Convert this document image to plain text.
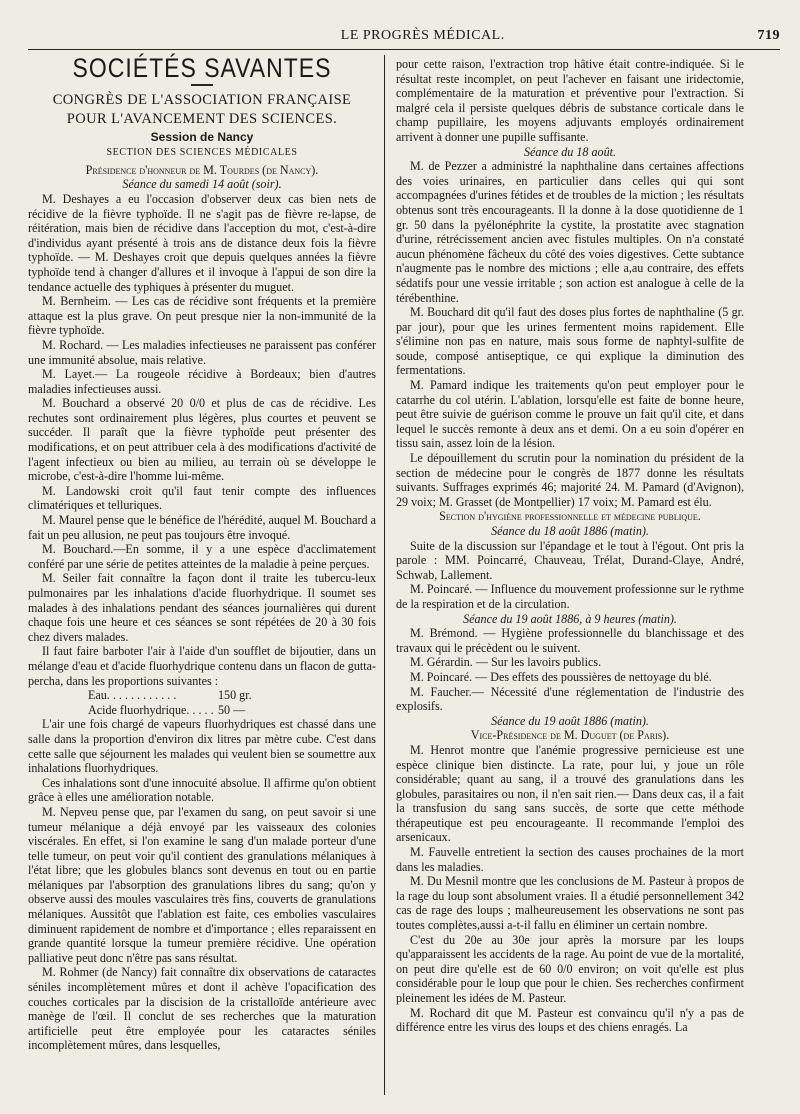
LE PROGRÈS MÉDICAL.	719
SOCIÉTÉS SAVANTES
CONGRÈS DE L'ASSOCIATION FRANÇAISE
POUR L'AVANCEMENT DES SCIENCES.
Session de Nancy
SECTION DES SCIENCES MÉDICALES

Présidence d'honneur de M. Tourdes (de Nancy).

Séance du samedi 14 août (soir).

M. Deshayes a eu l'occasion d'observer deux cas bien nets de récidive de la fièvre typhoïde. Il ne s'agit pas de fièvre re-lapse, de réitération, mais bien de récidive dans l'acception du mot, c'est-à-dire d'individus ayant présenté à trois ans de distance deux fois la fièvre typhoïde. — M. Deshayes croit que depuis quelques années la fièvre typhoïde tend à changer d'allures et il invoque à l'appui de son dire la tendance actuelle des typhiques à présenter du muguet.

M. Bernheim. — Les cas de récidive sont fréquents et la première attaque est la plus grave. On peut presque nier la non-immunité de la fièvre typhoïde.

M. Rochard. — Les maladies infectieuses ne paraissent pas conférer une immunité absolue, mais relative.

M. Layet.— La rougeole récidive à Bordeaux; bien d'autres maladies infectieuses aussi.

M. Bouchard a observé 20 0/0 et plus de cas de récidive. Les rechutes sont ordinairement plus légères, plus courtes et peuvent se succéder. Il paraît que la fièvre typhoïde peut présenter des modifications, et on peut attribuer cela à des modifications d'activité de l'agent infectieux ou bien au milieu, au terrain où se développe le microbe, c'est-à-dire l'homme lui-même.

M. Landowski croit qu'il faut tenir compte des influences climatériques et telluriques.

M. Maurel pense que le bénéfice de l'hérédité, auquel M. Bouchard a fait un peu allusion, ne peut pas toujours être invoqué.

M. Bouchard.—En somme, il y a une espèce d'acclimatement conféré par une série de petites atteintes de la maladie à peine perçues.

M. Seiler fait connaître la façon dont il traite les tubercu-leux pulmonaires par les inhalations d'acide fluorhydrique. Il soumet ses malades à des inhalations pendant des séances journalières qui durent chaque fois une heure et ces séances se sont répétées de 20 à 30 fois chez divers malades.

Il faut faire barboter l'air à l'aide d'un soufflet de bijoutier, dans un mélange d'eau et d'acide fluorhydrique contenu dans un flacon de gutta-percha, dans les proportions suivantes :

Eau. . . . . . . . . . . .	150 gr.
Acide fluorhydrique. . . . . 50 —

L'air une fois chargé de vapeurs fluorhydriques est chassé dans une salle dans la proportion d'environ dix litres par mètre cube. C'est dans cette salle que séjournent les malades qui veulent bien se soumettre aux inhalations fluorhydriques.

Ces inhalations sont d'une innocuité absolue. Il affirme qu'on obtient grâce à elles une amélioration notable.

M. Nepveu pense que, par l'examen du sang, on peut savoir si une tumeur mélanique a déjà envoyé par les vaisseaux des colonies viscérales. En effet, si l'on examine le sang d'un malade porteur d'une telle tumeur, on peut voir qu'il contient des granulations mélaniques à l'état libre; que les globules blancs sont devenus en tout ou en partie mélaniques par l'absorption des granulations libres du sang; qu'on y observe aussi des moules vasculaires très fins, couverts de granulations mélaniques. Aussitôt que l'ablation est faite, ces embolies vasculaires diminuent rapidement de nombre et d'importance ; elles reparaissent en grande quantité lorsque la tumeur première récidive. Une opération palliative peut donc n'être pas sans résultat.

M. Rohmer (de Nancy) fait connaître dix observations de cataractes séniles incomplètement mûres et dont il achève l'opacification des couches corticales par la discision de la cristalloïde antérieure avec manège de l'œil. Il conclut de ses recherches que la maturation artificielle peut être employée pour les cataractes séniles incomplètement mûres, dans lesquelles,

pour cette raison, l'extraction trop hâtive était contre-indiquée. Si le résultat reste incomplet, on peut l'achever en faisant une iridectomie, complémentaire de la maturation et préventive pour l'extraction. Si malgré cela il persiste quelques débris de substance corticale dans le champ pupillaire, les moyens adjuvants employés ordinairement arrivent à donner une pupille suffisante.

Séance du 18 août.

M. de Pezzer a administré la naphthaline dans certaines affections des voies urinaires, en particulier dans celles qui qui sont accompagnées d'urines fétides et de troubles de la miction ; les résultats obtenus sont très encourageants. Il la donne à la dose quotidienne de 1 gr. 50 dans la pyélonéphrite la cystite, la prostatite avec stagnation d'urine, rétrécissement ancien avec fistules multiples. On n'a constaté aucun phénomène fâcheux du côté des voies digestives. Cette subtance n'augmente pas le nombre des mictions ; elle a,au contraire, des effets sédatifs pour une vessie irritable ; son action est analogue à celle de la térébenthine.

M. Bouchard dit qu'il faut des doses plus fortes de naphthaline (5 gr. par jour), pour que les urines fermentent moins rapidement. Elle s'élimine non pas en nature, mais sous forme de naphtyl-sulfite de soude, composé antiseptique, ce qui explique la diminution des fermentations.

M. Pamard indique les traitements qu'on peut employer pour le catarrhe du col utérin. L'ablation, lorsqu'elle est faite de bonne heure, peut être suivie de guérison comme le prouve un fait qu'il cite, et dans lequel le succès remonte à deux ans et demi. On a eu soin d'opérer en tissu sain, assez loin de la lésion.

Le dépouillement du scrutin pour la nomination du président de la section de médecine pour le congrès de 1877 donne les résultats suivants. Suffrages exprimés 46; majorité 24. M. Pamard (d'Avignon), 29 voix; M. Grasset (de Montpellier) 17 voix; M. Pamard est élu.

Section d'hygiène professionnelle et médecine publique.

Séance du 18 août 1886 (matin).

Suite de la discussion sur l'épandage et le tout à l'égout. Ont pris la parole : MM. Poincarré, Chauveau, Trélat, Durand-Claye, André, Schwab, Lallement.

M. Poincaré. — Influence du mouvement professionne sur le rythme de la respiration et de la circulation.

Séance du 19 août 1886, à 9 heures (matin).

M. Brémond. — Hygiène professionnelle du blanchissage et des travaux qui le précèdent ou le suivent.

M. Gérardin. — Sur les lavoirs publics.

M. Poincaré. — Des effets des poussières de nettoyage du blé.

M. Faucher.— Nécessité d'une réglementation de l'industrie des explosifs.

Séance du 19 août 1886 (matin).

Vice-Présidence de M. Duguet (de Paris).

M. Henrot montre que l'anémie progressive pernicieuse est une espèce clinique bien distincte. La rate, pour lui, y joue un rôle considérable; quant au sang, il a trouvé des granulations dans les globules, parasitaires ou non, il n'en sait rien.— Dans deux cas, il a fait la transfusion du sang sans succès, de sorte que cette méthode thérapeutique est peu encourageante. Il recommande l'emploi des arsenicaux.

M. Fauvelle entretient la section des causes prochaines de la mort dans les maladies.

M. Du Mesnil montre que les conclusions de M. Pasteur à propos de la rage du loup sont absolument vraies. Il a étudié personnellement 342 cas de rage des loups ; malheureusement les observations ne sont pas toutes complètes,aussi a-t-il fallu en éliminer un certain nombre.

C'est du 20e au 30e jour après la morsure par les loups qu'apparaissent les accidents de la rage. Au point de vue de la mortalité, on peut dire qu'elle est de 60 0/0 environ; on voit qu'elle est plus considérable pour le loup que pour le chien. Ses recherches confirment pleinement les idées de M. Pasteur.

M. Rochard dit que M. Pasteur est convaincu qu'il n'y a pas de différence entre les virus des loups et des chiens enragés. La
